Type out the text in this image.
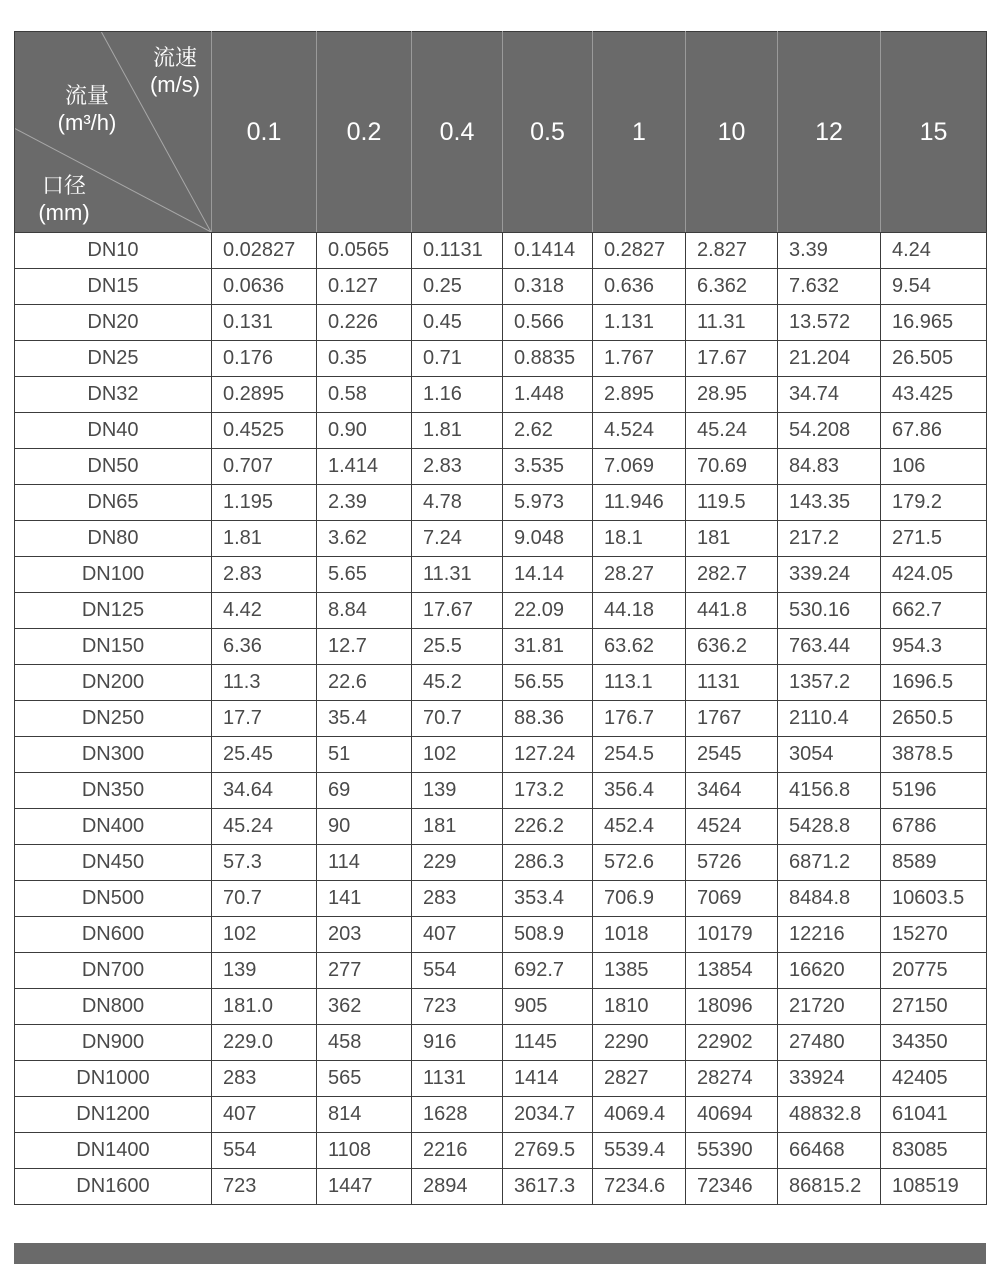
流速
(m/s)
流量
(m³/h)
口径
(mm)
	0.1	0.2	0.4	0.5	1	10	12	15
DN10	0.02827	0.0565	0.1131	0.1414	0.2827	2.827	3.39	4.24
DN15	0.0636	0.127	0.25	0.318	0.636	6.362	7.632	9.54
DN20	0.131	0.226	0.45	0.566	1.131	11.31	13.572	16.965
DN25	0.176	0.35	0.71	0.8835	1.767	17.67	21.204	26.505
DN32	0.2895	0.58	1.16	1.448	2.895	28.95	34.74	43.425
DN40	0.4525	0.90	1.81	2.62	4.524	45.24	54.208	67.86
DN50	0.707	1.414	2.83	3.535	7.069	70.69	84.83	106
DN65	1.195	2.39	4.78	5.973	11.946	119.5	143.35	179.2
DN80	1.81	3.62	7.24	9.048	18.1	181	217.2	271.5
DN100	2.83	5.65	11.31	14.14	28.27	282.7	339.24	424.05
DN125	4.42	8.84	17.67	22.09	44.18	441.8	530.16	662.7
DN150	6.36	12.7	25.5	31.81	63.62	636.2	763.44	954.3
DN200	11.3	22.6	45.2	56.55	113.1	1131	1357.2	1696.5
DN250	17.7	35.4	70.7	88.36	176.7	1767	2110.4	2650.5
DN300	25.45	51	102	127.24	254.5	2545	3054	3878.5
DN350	34.64	69	139	173.2	356.4	3464	4156.8	5196
DN400	45.24	90	181	226.2	452.4	4524	5428.8	6786
DN450	57.3	114	229	286.3	572.6	5726	6871.2	8589
DN500	70.7	141	283	353.4	706.9	7069	8484.8	10603.5
DN600	102	203	407	508.9	1018	10179	12216	15270
DN700	139	277	554	692.7	1385	13854	16620	20775
DN800	181.0	362	723	905	1810	18096	21720	27150
DN900	229.0	458	916	1145	2290	22902	27480	34350
DN1000	283	565	1131	1414	2827	28274	33924	42405
DN1200	407	814	1628	2034.7	4069.4	40694	48832.8	61041
DN1400	554	1108	2216	2769.5	5539.4	55390	66468	83085
DN1600	723	1447	2894	3617.3	7234.6	72346	86815.2	108519
